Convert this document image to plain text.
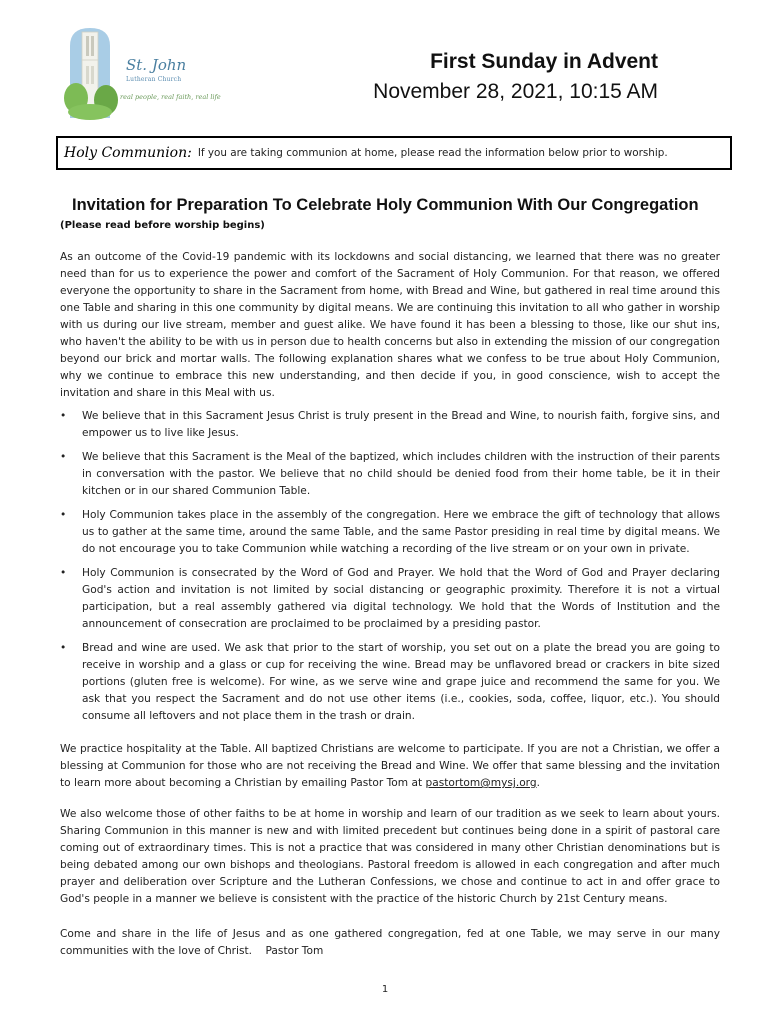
St. John
Lutheran Church
real people, real faith, real life
First Sunday in Advent
November 28, 2021, 10:15 AM
Holy Communion: If you are taking communion at home, please read the information below prior to worship.
Invitation for Preparation To Celebrate Holy Communion With Our Congregation
(Please read before worship begins)

As an outcome of the Covid-19 pandemic with its lockdowns and social distancing, we learned that there was no greater need than for us to experience the power and comfort of the Sacrament of Holy Communion. For that reason, we offered everyone the opportunity to share in the Sacrament from home, with Bread and Wine, but gathered in real time around this one Table and sharing in this one community by digital means. We are continuing this invitation to all who gather in worship with us during our live stream, member and guest alike. We have found it has been a blessing to those, like our shut ins, who haven't the ability to be with us in person due to health concerns but also in extending the mission of our congregation beyond our brick and mortar walls. The following explanation shares what we confess to be true about Holy Communion, why we continue to embrace this new understanding, and then decide if you, in good conscience, wish to accept the invitation and share in this Meal with us.

• We believe that in this Sacrament Jesus Christ is truly present in the Bread and Wine, to nourish faith, forgive sins, and empower us to live like Jesus.
• We believe that this Sacrament is the Meal of the baptized, which includes children with the instruction of their parents in conversation with the pastor. We believe that no child should be denied food from their home table, be it in their kitchen or in our shared Communion Table.
• Holy Communion takes place in the assembly of the congregation. Here we embrace the gift of technology that allows us to gather at the same time, around the same Table, and the same Pastor presiding in real time by digital means. We do not encourage you to take Communion while watching a recording of the live stream or on your own in private.
• Holy Communion is consecrated by the Word of God and Prayer. We hold that the Word of God and Prayer declaring God's action and invitation is not limited by social distancing or geographic proximity. Therefore it is not a virtual participation, but a real assembly gathered via digital technology. We hold that the Words of Institution and the announcement of consecration are proclaimed to be proclaimed by a presiding pastor.
• Bread and wine are used. We ask that prior to the start of worship, you set out on a plate the bread you are going to receive in worship and a glass or cup for receiving the wine. Bread may be unflavored bread or crackers in bite sized portions (gluten free is welcome). For wine, as we serve wine and grape juice and recommend the same for you. We ask that you respect the Sacrament and do not use other items (i.e., cookies, soda, coffee, liquor, etc.). You should consume all leftovers and not place them in the trash or drain.

We practice hospitality at the Table. All baptized Christians are welcome to participate. If you are not a Christian, we offer a blessing at Communion for those who are not receiving the Bread and Wine. We offer that same blessing and the invitation to learn more about becoming a Christian by emailing Pastor Tom at pastortom@mysj.org.

We also welcome those of other faiths to be at home in worship and learn of our tradition as we seek to learn about yours. Sharing Communion in this manner is new and with limited precedent but continues being done in a spirit of pastoral care coming out of extraordinary times. This is not a practice that was considered in many other Christian denominations but is being debated among our own bishops and theologians. Pastoral freedom is allowed in each congregation and after much prayer and deliberation over Scripture and the Lutheran Confessions, we chose and continue to act in and offer grace to God's people in a manner we believe is consistent with the practice of the historic Church by 21st Century means.

Come and share in the life of Jesus and as one gathered congregation, fed at one Table, we may serve in our many communities with the love of Christ. Pastor Tom

1
